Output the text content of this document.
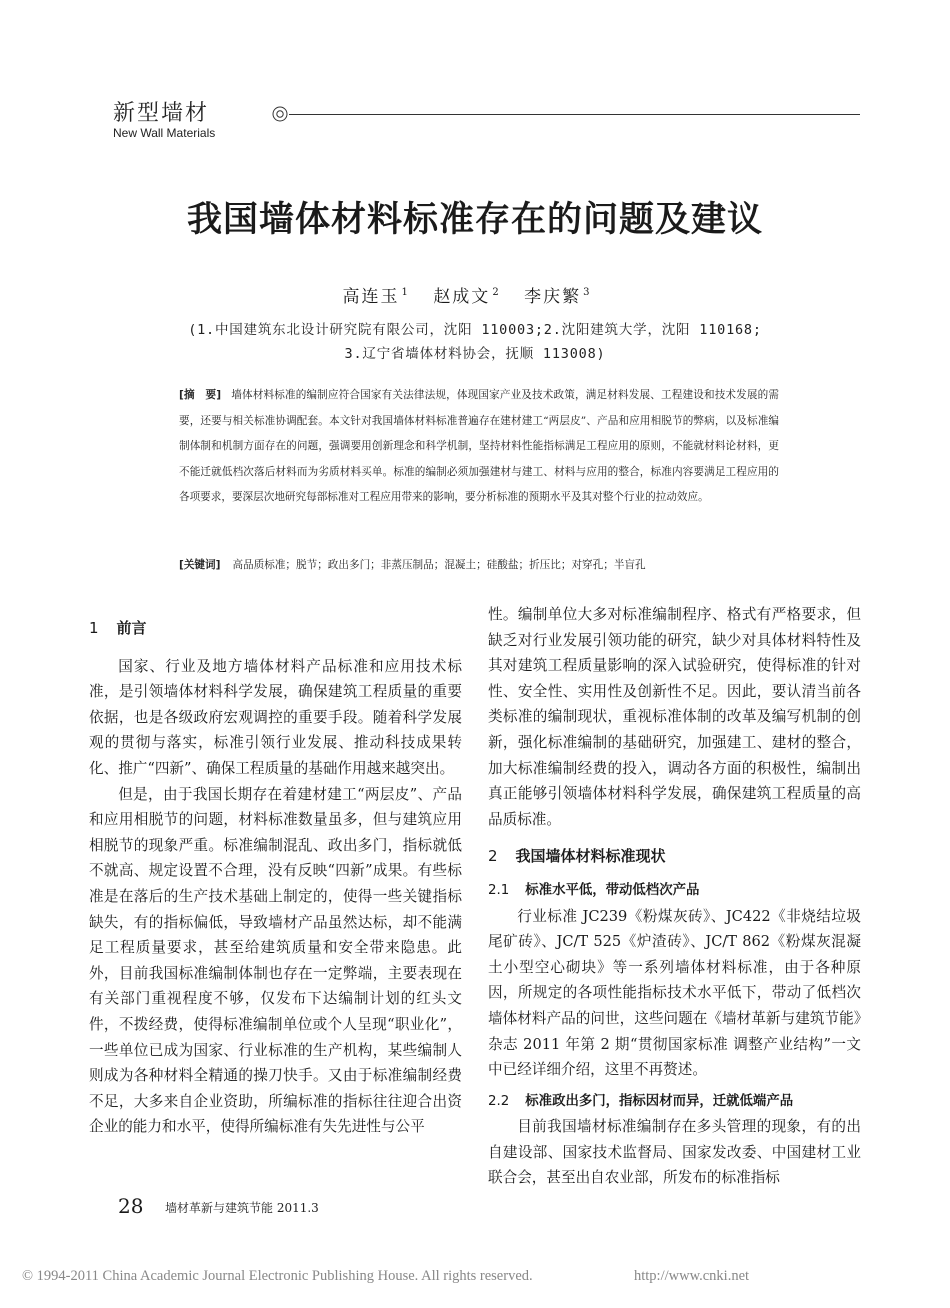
新型墙材
New Wall Materials
我国墙体材料标准存在的问题及建议
高连玉 $^1$ 赵成文 $^2$ 李庆繁 $^3$
(1.中国建筑东北设计研究院有限公司，沈阳 110003;2.沈阳建筑大学，沈阳 110168;
3.辽宁省墙体材料协会，抚顺 113008)
[摘　要] 墙体材料标准的编制应符合国家有关法律法规，体现国家产业及技术政策，满足材料发展、工程建设和技术发展的需要，还要与相关标准协调配套。本文针对我国墙体材料标准普遍存在建材建工“两层皮”、产品和应用相脱节的弊病，以及标准编制体制和机制方面存在的问题，强调要用创新理念和科学机制，坚持材料性能指标满足工程应用的原则，不能就材料论材料，更不能迁就低档次落后材料而为劣质材料买单。标准的编制必须加强建材与建工、材料与应用的整合，标准内容要满足工程应用的各项要求，要深层次地研究每部标准对工程应用带来的影响，要分析标准的预期水平及其对整个行业的拉动效应。
[关键词] 高品质标准；脱节；政出多门；非蒸压制品；混凝土；硅酸盐；折压比；对穿孔；半盲孔
1 前言

国家、行业及地方墙体材料产品标准和应用技术标准，是引领墙体材料科学发展，确保建筑工程质量的重要依据，也是各级政府宏观调控的重要手段。随着科学发展观的贯彻与落实，标准引领行业发展、推动科技成果转化、推广“四新”、确保工程质量的基础作用越来越突出。

但是，由于我国长期存在着建材建工“两层皮”、产品和应用相脱节的问题，材料标准数量虽多，但与建筑应用相脱节的现象严重。标准编制混乱、政出多门，指标就低不就高、规定设置不合理，没有反映“四新”成果。有些标准是在落后的生产技术基础上制定的，使得一些关键指标缺失，有的指标偏低，导致墙材产品虽然达标，却不能满足工程质量要求，甚至给建筑质量和安全带来隐患。此外，目前我国标准编制体制也存在一定弊端，主要表现在有关部门重视程度不够，仅发布下达编制计划的红头文件，不拨经费，使得标准编制单位或个人呈现“职业化”，一些单位已成为国家、行业标准的生产机构，某些编制人则成为各种材料全精通的操刀快手。又由于标准编制经费不足，大多来自企业资助，所编标准的指标往往迎合出资企业的能力和水平，使得所编标准有失先进性与公平

性。编制单位大多对标准编制程序、格式有严格要求，但缺乏对行业发展引领功能的研究，缺少对具体材料特性及其对建筑工程质量影响的深入试验研究，使得标准的针对性、安全性、实用性及创新性不足。因此，要认清当前各类标准的编制现状，重视标准体制的改革及编写机制的创新，强化标准编制的基础研究，加强建工、建材的整合，加大标准编制经费的投入，调动各方面的积极性，编制出真正能够引领墙体材料科学发展，确保建筑工程质量的高品质标准。

2 我国墙体材料标准现状
2.1 标准水平低，带动低档次产品

行业标准 JC239《粉煤灰砖》、JC422《非烧结垃圾尾矿砖》、JC/T 525《炉渣砖》、JC/T 862《粉煤灰混凝土小型空心砌块》等一系列墙体材料标准，由于各种原因，所规定的各项性能指标技术水平低下，带动了低档次墙体材料产品的问世，这些问题在《墙材革新与建筑节能》杂志 2011 年第 2 期“贯彻国家标准 调整产业结构”一文中已经详细介绍，这里不再赘述。

2.2 标准政出多门，指标因材而异，迁就低端产品

目前我国墙材标准编制存在多头管理的现象，有的出自建设部、国家技术监督局、国家发改委、中国建材工业联合会，甚至出自农业部，所发布的标准指标

28 墙材革新与建筑节能 2011.3
© 1994-2011 China Academic Journal Electronic Publishing House. All rights reserved.	http://www.cnki.net
